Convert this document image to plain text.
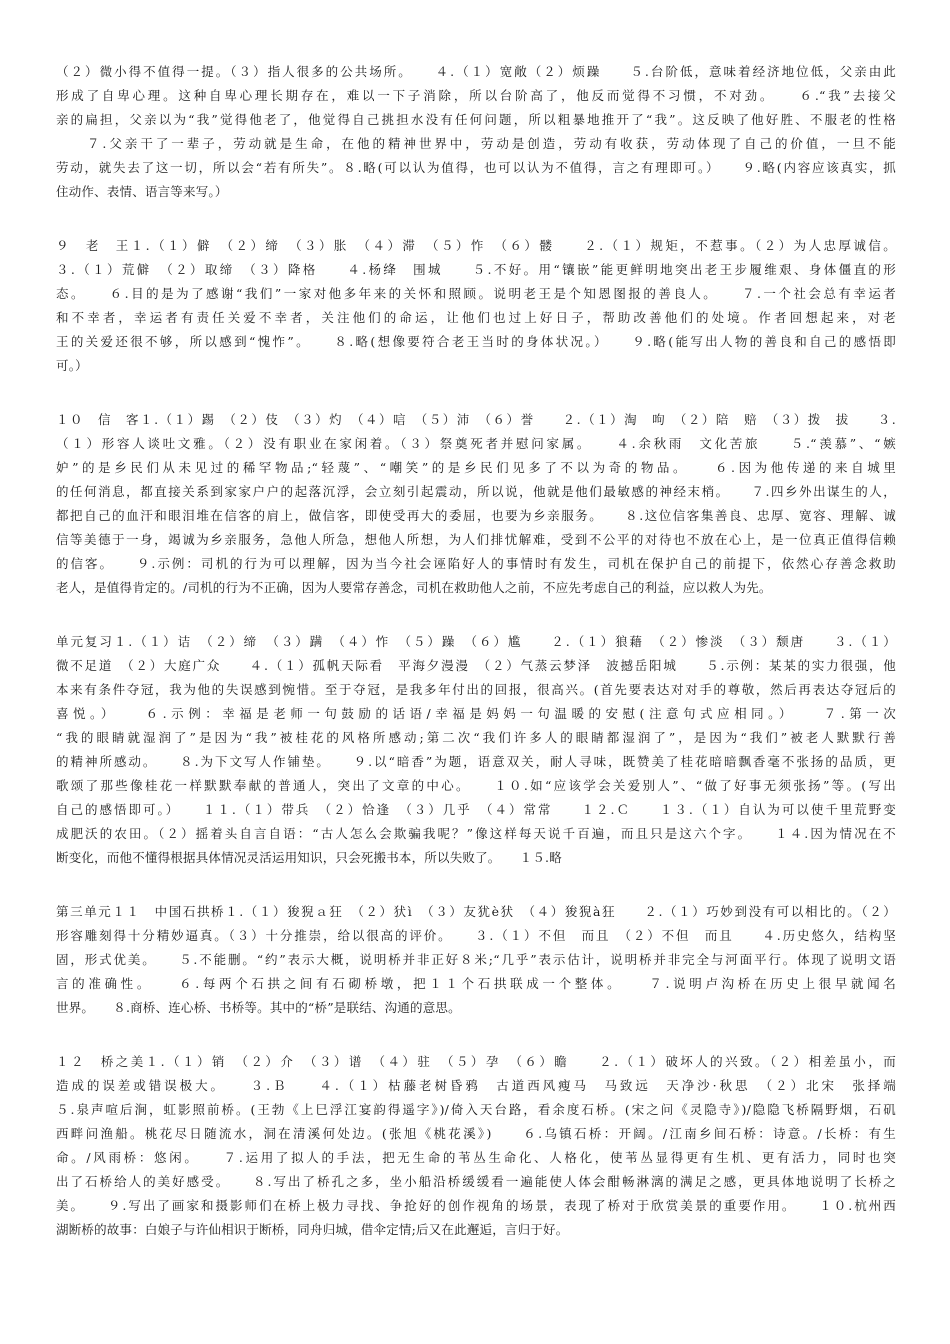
（２）微小得不值得一提。（３）指人很多的公共场所。　　４.（１）宽敞（２）烦躁　　５.台阶低，意味着经济地位低，父亲由此
形成了自卑心理。这种自卑心理长期存在，难以一下子消除，所以台阶高了，他反而觉得不习惯，不对劲。　　６.“我”去接父
亲的扁担，父亲以为“我”觉得他老了，他觉得自己挑担水没有任何问题，所以粗暴地推开了“我”。这反映了他好胜、不服老的性格
　　７.父亲干了一辈子，劳动就是生命，在他的精神世界中，劳动是创造，劳动有收获，劳动体现了自己的价值，一旦不能
劳动，就失去了这一切，所以会“若有所失”。８.略(可以认为值得，也可以认为不值得，言之有理即可。）　　９.略(内容应该真实，抓
住动作、表情、语言等来写。）
９　老　王１.（１）僻　（２）缔　（３）胀　（４）滞　（５）怍　（６）髅　　２.（１）规矩，不惹事。（２）为人忠厚诚信。
３.（１）荒僻　（２）取缔　（３）降格　　４.杨绛　围城　　５.不好。用“镶嵌”能更鲜明地突出老王步履维艰、身体僵直的形
态。　　６.目的是为了感谢“我们”一家对他多年来的关怀和照顾。说明老王是个知恩图报的善良人。　　７.一个社会总有幸运者
和不幸者，幸运者有责任关爱不幸者，关注他们的命运，让他们也过上好日子，帮助改善他们的处境。作者回想起来，对老
王的关爱还很不够，所以感到“愧怍”。　　８.略(想像要符合老王当时的身体状况。）　　９.略(能写出人物的善良和自己的感悟即
可。）
１０　信　客１.（１）踢　（２）伎　（３）灼　（４）唁　（５）沛　（６）誉　　２.（１）淘　呴　（２）陪　赔　（３）拨　拔　　３.
（１）形容人谈吐文雅。（２）没有职业在家闲着。（３）祭奠死者并慰问家属。　　４.余秋雨　文化苦旅　　５.“羡慕”、“嫉
妒”的是乡民们从未见过的稀罕物品;“轻蔑”、“嘲笑”的是乡民们见多了不以为奇的物品。　　６.因为他传递的来自城里
的任何消息，都直接关系到家家户户的起落沉浮，会立刻引起震动，所以说，他就是他们最敏感的神经末梢。　　７.四乡外出谋生的人，
都把自己的血汗和眼泪堆在信客的肩上，做信客，即使受再大的委屈，也要为乡亲服务。　　８.这位信客集善良、忠厚、宽容、理解、诚
信等美德于一身，竭诚为乡亲服务，急他人所急，想他人所想，为人们排忧解难，受到不公平的对待也不放在心上，是一位真正值得信赖
的信客。　　９.示例：司机的行为可以理解，因为当今社会诬陷好人的事情时有发生，司机在保护自己的前提下，依然心存善念救助
老人，是值得肯定的。/司机的行为不正确，因为人要常存善念，司机在救助他人之前，不应先考虑自己的利益，应以救人为先。
单元复习１.（１）诘　（２）缔　（３）蹒　（４）怍　（５）躁　（６）尴　　２.（１）狼藉　（２）惨淡　（３）颓唐　　３.（１）
微不足道　（２）大庭广众　　４.（１）孤帆天际看　平海夕漫漫　（２）气蒸云梦泽　波撼岳阳城　　５.示例：某某的实力很强，他
本来有条件夺冠，我为他的失误感到惋惜。至于夺冠，是我多年付出的回报，很高兴。(首先要表达对对手的尊敬，然后再表达夺冠后的
喜悦。）　　６.示例：幸福是老师一句鼓励的话语/幸福是妈妈一句温暖的安慰(注意句式应相同。）　　７.第一次
“我的眼睛就湿润了”是因为“我”被桂花的风格所感动;第二次“我们许多人的眼睛都湿润了”，是因为“我们”被老人默默行善
的精神所感动。　　８.为下文写人作铺垫。　　９.以“暗香”为题，语意双关，耐人寻味，既赞美了桂花暗暗飘香毫不张扬的品质，更
歌颂了那些像桂花一样默默奉献的普通人，突出了文章的中心。　　１０.如“应该学会关爱别人”、“做了好事无须张扬”等。(写出
自己的感悟即可。）　　１１.（１）带兵　（２）恰逢　（３）几乎　（４）常常　　１２.Ｃ　　１３.（１）自认为可以使千里荒野变
成肥沃的农田。（２）摇着头自言自语：“古人怎么会欺骗我呢？”像这样每天说千百遍，而且只是这六个字。　　１４.因为情况在不
断变化，而他不懂得根据具体情况灵活运用知识，只会死搬书本，所以失败了。　　１５.略
第三单元１１　中国石拱桥１.（１）狻猊ａ狂　（２）犾ì　（３）友犹è犾　（４）狻猊à狂　　２.（１）巧妙到没有可以相比的。（２）
形容雕刻得十分精妙逼真。（３）十分推崇，给以很高的评价。　　３.（１）不但　而且　（２）不但　而且　　４.历史悠久，结构坚
固，形式优美。　　５.不能删。“约”表示大概，说明桥并非正好８米;“几乎”表示估计，说明桥并非完全与河面平行。体现了说明文语
言的准确性。　　６.每两个石拱之间有石砌桥墩，把１１个石拱联成一个整体。　　７.说明卢沟桥在历史上很早就闻名
世界。　　８.商桥、连心桥、书桥等。其中的“桥”是联结、沟通的意思。
１２　桥之美１.（１）销　（２）介　（３）谱　（４）驻　（５）孕　（６）瞻　　２.（１）破坏人的兴致。（２）相差虽小，而
造成的误差或错误极大。　　３.Ｂ　　４.（１）枯藤老树昏鸦　古道西风瘦马　马致远　天净沙·秋思　（２）北宋　张择端
５.泉声喧后涧，虹影照前桥。(王勃《上巳浮江宴韵得遥字》)/倚入天台路，看余度石桥。(宋之问《灵隐寺》)/隐隐飞桥隔野烟，石矶
西畔问渔船。桃花尽日随流水，洞在清溪何处边。(张旭《桃花溪》)　　６.乌镇石桥：开阔。/江南乡间石桥：诗意。/长桥：有生
命。/风雨桥：悠闲。　　７.运用了拟人的手法，把无生命的苇丛生命化、人格化，使苇丛显得更有生机、更有活力，同时也突
出了石桥给人的美好感受。　　８.写出了桥孔之多，坐小船沿桥缓缓看一遍能使人体会酣畅淋漓的满足之感，更具体地说明了长桥之
美。　　９.写出了画家和摄影师们在桥上极力寻找、争抢好的创作视角的场景，表现了桥对于欣赏美景的重要作用。　　１０.杭州西
湖断桥的故事：白娘子与许仙相识于断桥，同舟归城，借伞定情;后又在此邂逅，言归于好。
